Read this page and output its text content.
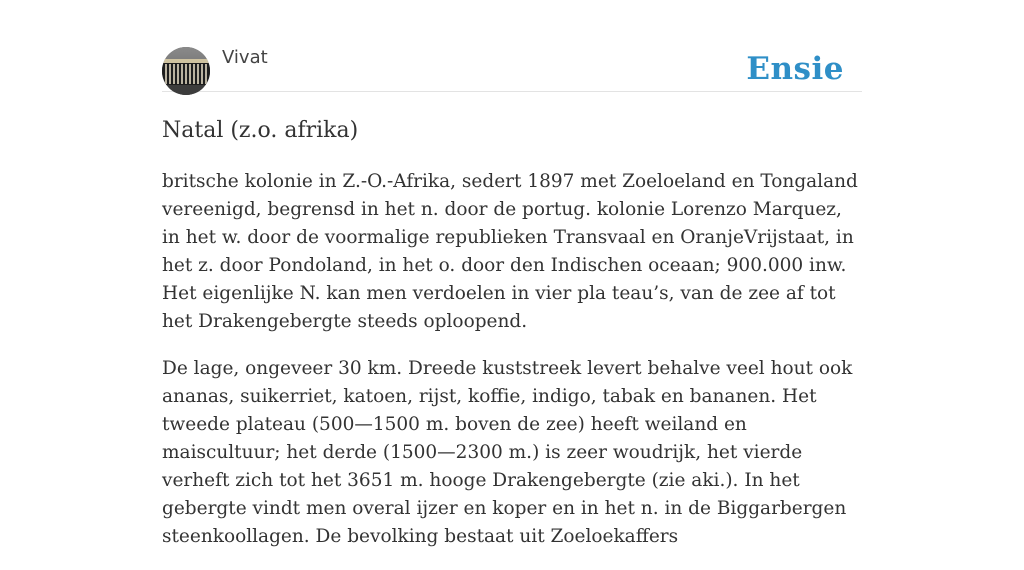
Vivat	Ensie
Natal (z.o. afrika)

britsche kolonie in Z.-O.-Afrika, sedert 1897 met Zoeloeland en Tongaland vereenigd, begrensd in het n. door de portug. kolonie Lorenzo Marquez, in het w. door de voormalige republieken Transvaal en OranjeVrijstaat, in het z. door Pondoland, in het o. door den Indischen oceaan; 900.000 inw. Het eigenlijke N. kan men verdoelen in vier pla teau’s, van de zee af tot het Drakengebergte steeds oploopend.

De lage, ongeveer 30 km. Dreede kuststreek levert behalve veel hout ook ananas, suikerriet, katoen, rijst, koffie, indigo, tabak en bananen. Het tweede plateau (500—1500 m. boven de zee) heeft weiland en maiscultuur; het derde (1500—2300 m.) is zeer woudrijk, het vierde verheft zich tot het 3651 m. hooge Drakengebergte (zie aki.). In het gebergte vindt men overal ijzer en koper en in het n. in de Biggarbergen steenkoollagen. De bevolking bestaat uit Zoeloekaffers
